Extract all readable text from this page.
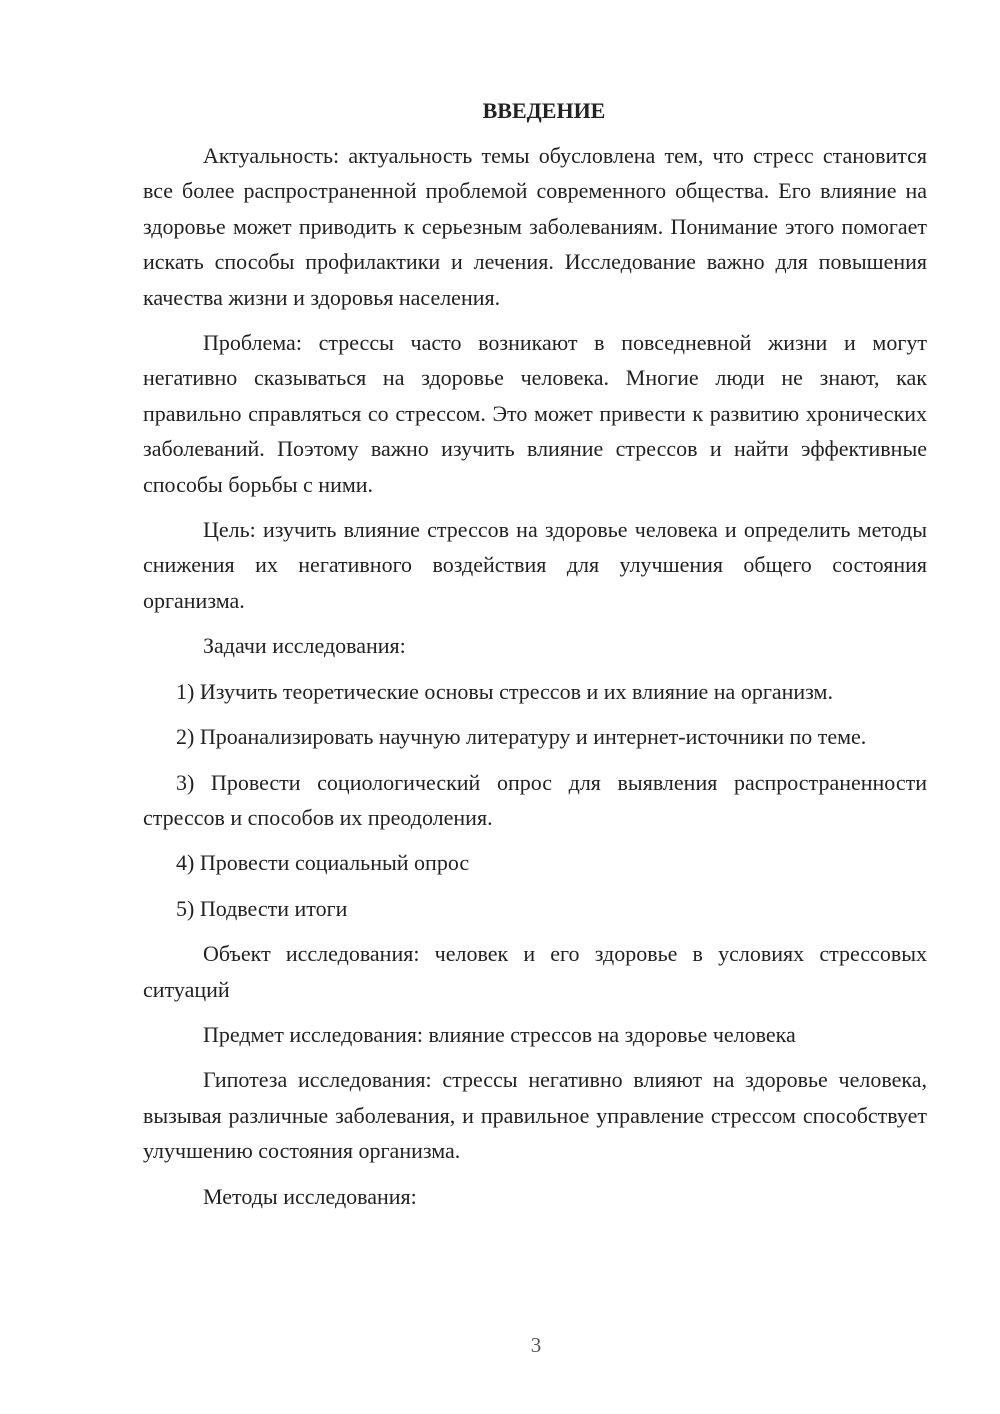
ВВЕДЕНИЕ

Актуальность: актуальность темы обусловлена тем, что стресс становится все более распространенной проблемой современного общества. Его влияние на здоровье может приводить к серьезным заболеваниям. Понимание этого помогает искать способы профилактики и лечения. Исследование важно для повышения качества жизни и здоровья населения.

Проблема: стрессы часто возникают в повседневной жизни и могут негативно сказываться на здоровье человека. Многие люди не знают, как правильно справляться со стрессом. Это может привести к развитию хронических заболеваний. Поэтому важно изучить влияние стрессов и найти эффективные способы борьбы с ними.

Цель: изучить влияние стрессов на здоровье человека и определить методы снижения их негативного воздействия для улучшения общего состояния организма.

Задачи исследования:

1) Изучить теоретические основы стрессов и их влияние на организм.

2) Проанализировать научную литературу и интернет-источники по теме.

3) Провести социологический опрос для выявления распространенности стрессов и способов их преодоления.

4) Провести социальный опрос

5) Подвести итоги

Объект исследования: человек и его здоровье в условиях стрессовых ситуаций

Предмет исследования: влияние стрессов на здоровье человека

Гипотеза исследования: стрессы негативно влияют на здоровье человека, вызывая различные заболевания, и правильное управление стрессом способствует улучшению состояния организма.

Методы исследования:

3
